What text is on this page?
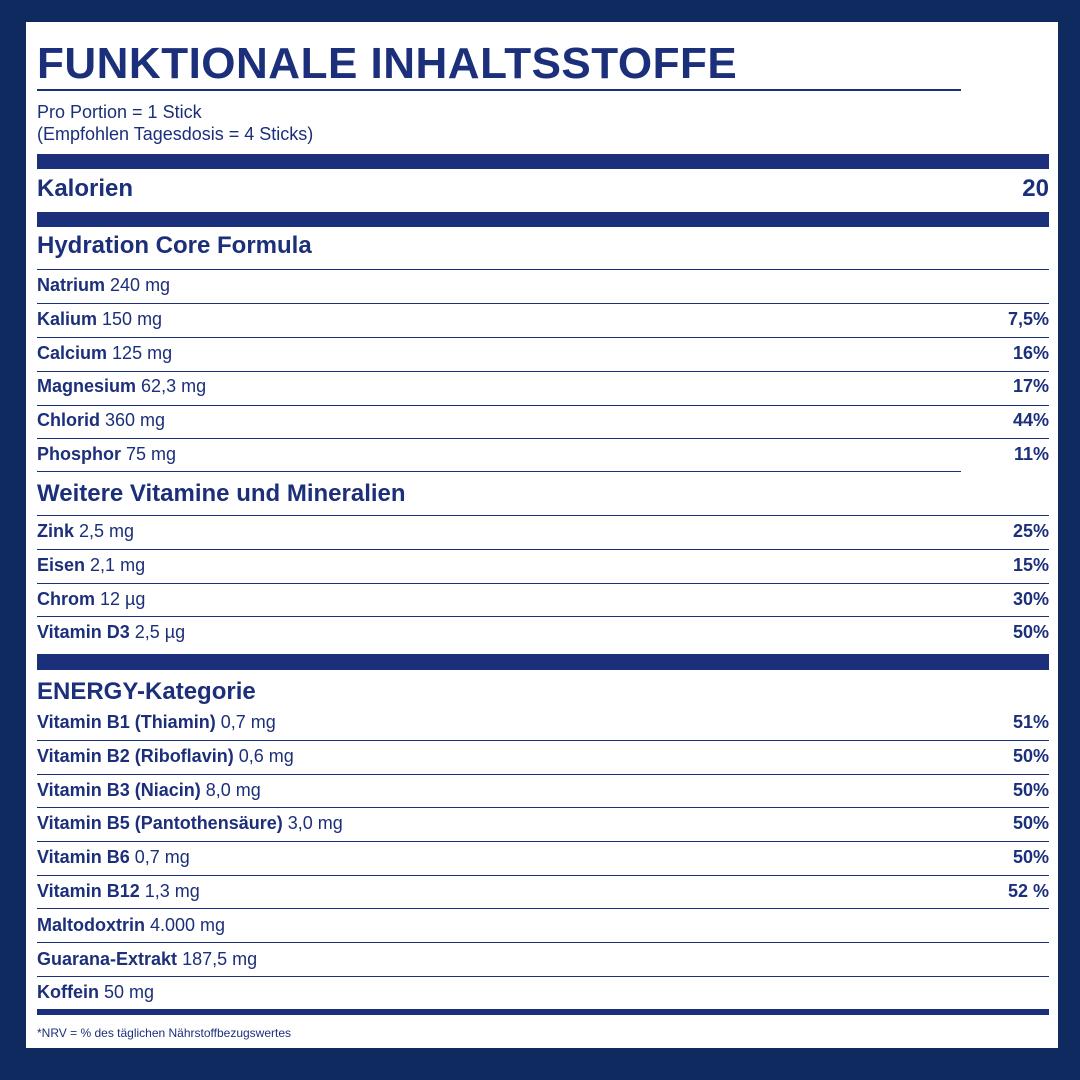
FUNKTIONALE INHALTSSTOFFE
Pro Portion = 1 Stick
(Empfohlen Tagesdosis = 4 Sticks)
Kalorien	20
Hydration Core Formula
Natrium 240 mg
Kalium 150 mg	7,5%
Calcium 125 mg	16%
Magnesium 62,3 mg	17%
Chlorid 360 mg	44%
Phosphor 75 mg	11%
Weitere Vitamine und Mineralien
Zink 2,5 mg	25%
Eisen 2,1 mg	15%
Chrom 12 µg	30%
Vitamin D3 2,5 µg	50%
ENERGY-Kategorie
Vitamin B1 (Thiamin) 0,7 mg	51%
Vitamin B2 (Riboflavin) 0,6 mg	50%
Vitamin B3 (Niacin) 8,0 mg	50%
Vitamin B5 (Pantothensäure) 3,0 mg	50%
Vitamin B6 0,7 mg	50%
Vitamin B12 1,3 mg	52 %
Maltodoxtrin 4.000 mg
Guarana-Extrakt 187,5 mg
Koffein 50 mg
*NRV = % des täglichen Nährstoffbezugswertes
